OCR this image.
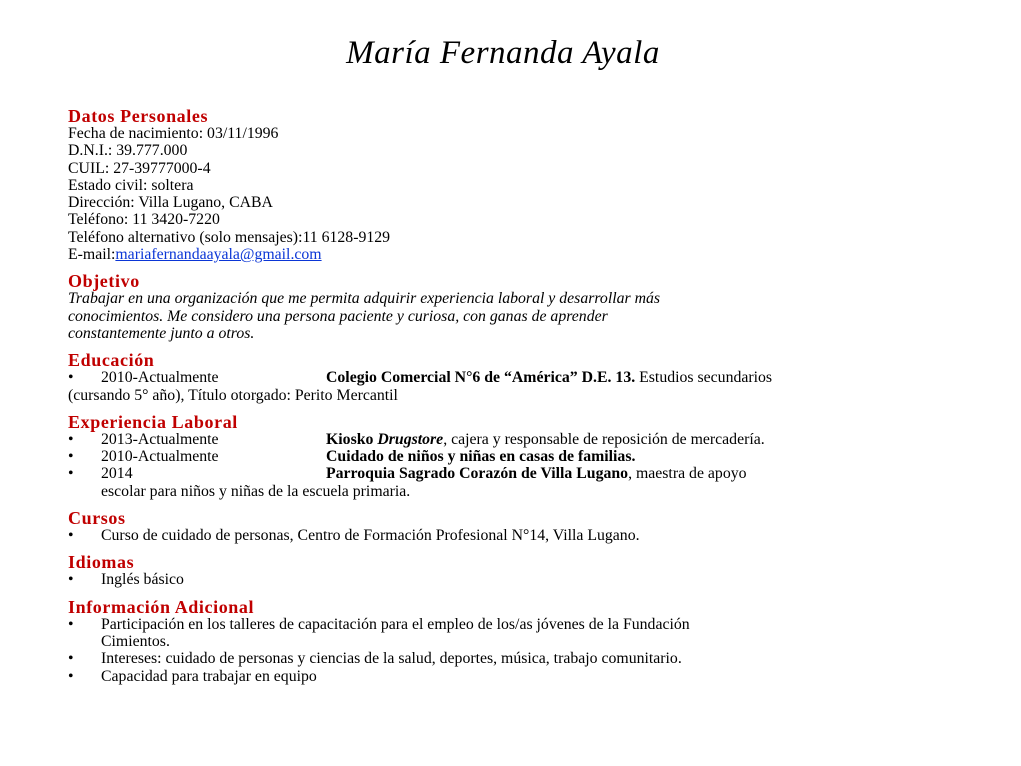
María Fernanda Ayala
Datos Personales
Fecha de nacimiento: 03/11/1996
D.N.I.: 39.777.000
CUIL: 27-39777000-4
Estado civil: soltera
Dirección: Villa Lugano, CABA
Teléfono: 11 3420-7220
Teléfono alternativo (solo mensajes):11 6128-9129
E-mail:mariafernandaayala@gmail.com
Objetivo
Trabajar en una organización que me permita adquirir experiencia laboral y desarrollar más
conocimientos. Me considero una persona paciente y curiosa, con ganas de aprender
constantemente junto a otros.
Educación
•	2010-Actualmente	Colegio Comercial N°6 de “América” D.E. 13. Estudios secundarios
(cursando 5° año), Título otorgado: Perito Mercantil
Experiencia Laboral
•	2013-Actualmente	Kiosko Drugstore, cajera y responsable de reposición de mercadería.
•	2010-Actualmente	Cuidado de niños y niñas en casas de familias.
•	2014	Parroquia Sagrado Corazón de Villa Lugano, maestra de apoyo
escolar para niños y niñas de la escuela primaria.
Cursos
•	Curso de cuidado de personas, Centro de Formación Profesional N°14, Villa Lugano.
Idiomas
•	Inglés básico
Información Adicional
•	Participación en los talleres de capacitación para el empleo de los/as jóvenes de la Fundación
Cimientos.
•	Intereses: cuidado de personas y ciencias de la salud, deportes, música, trabajo comunitario.
•	Capacidad para trabajar en equipo
